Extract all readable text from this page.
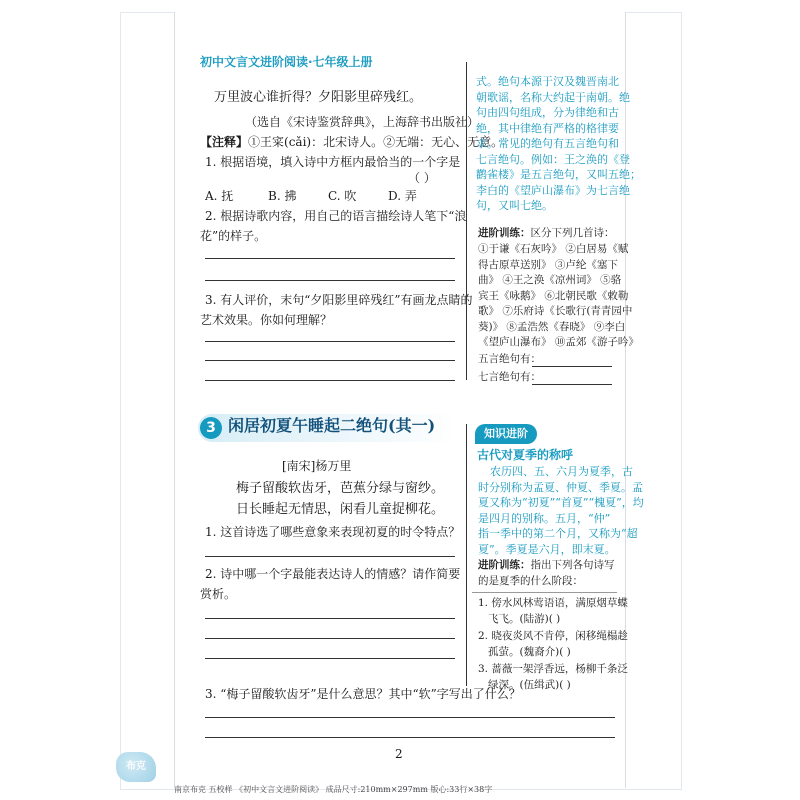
初中文言文进阶阅读·七年级上册
万里波心谁折得？夕阳影里碎残红。
（选自《宋诗鉴赏辞典》，上海辞书出版社）
【注释】①王寀(cǎi)：北宋诗人。②无端：无心、无意。
1. 根据语境，填入诗中方框内最恰当的一个字是
（ ）
A. 抚	B. 拂	C. 吹	D. 弄
2. 根据诗歌内容，用自己的语言描绘诗人笔下“浪
花”的样子。
3. 有人评价，末句“夕阳影里碎残红”有画龙点睛的
艺术效果。你如何理解？
式。绝句本源于汉及魏晋南北
朝歌谣，名称大约起于南朝。绝
句由四句组成，分为律绝和古
绝，其中律绝有严格的格律要
求。常见的绝句有五言绝句和
七言绝句。例如：王之涣的《登
鹳雀楼》是五言绝句，又叫五绝；
李白的《望庐山瀑布》为七言绝
句，又叫七绝。
进阶训练：区分下列几首诗：
①于谦《石灰吟》 ②白居易《赋
得古原草送别》 ③卢纶《塞下
曲》 ④王之涣《凉州词》 ⑤骆
宾王《咏鹅》 ⑥北朝民歌《敕勒
歌》 ⑦乐府诗《长歌行(青青园中
葵)》 ⑧孟浩然《春晓》 ⑨李白
《望庐山瀑布》 ⑩孟郊《游子吟》
五言绝句有：
七言绝句有：
3 闲居初夏午睡起二绝句(其一)
[南宋]杨万里
梅子留酸软齿牙，芭蕉分绿与窗纱。
日长睡起无情思，闲看儿童捉柳花。
1. 这首诗选了哪些意象来表现初夏的时令特点？
2. 诗中哪一个字最能表达诗人的情感？请作简要
赏析。
3. “梅子留酸软齿牙”是什么意思？其中“软”字写出了什么？
知识进阶
古代对夏季的称呼
农历四、五、六月为夏季，古
时分别称为孟夏、仲夏、季夏。孟
夏又称为“初夏”“首夏”“槐夏”，均
是四月的别称。五月，“仲”
指一季中的第二个月，又称为“超
夏”。季夏是六月，即末夏。
进阶训练：指出下列各句诗写
的是夏季的什么阶段：
1. 傍水风林莺语语，满原烟草蝶
飞飞。(陆游)( )
2. 晓夜炎风不肯停，闲移绳榻趁
孤萤。(魏裔介)( )
3. 蔷薇一架浮香远，杨柳千条泛
绿深。(伍缉武)( )
2
布克
南京布克 五校样 《初中文言文进阶阅读》 成品尺寸:210mm×297mm 版心:33行×38字
